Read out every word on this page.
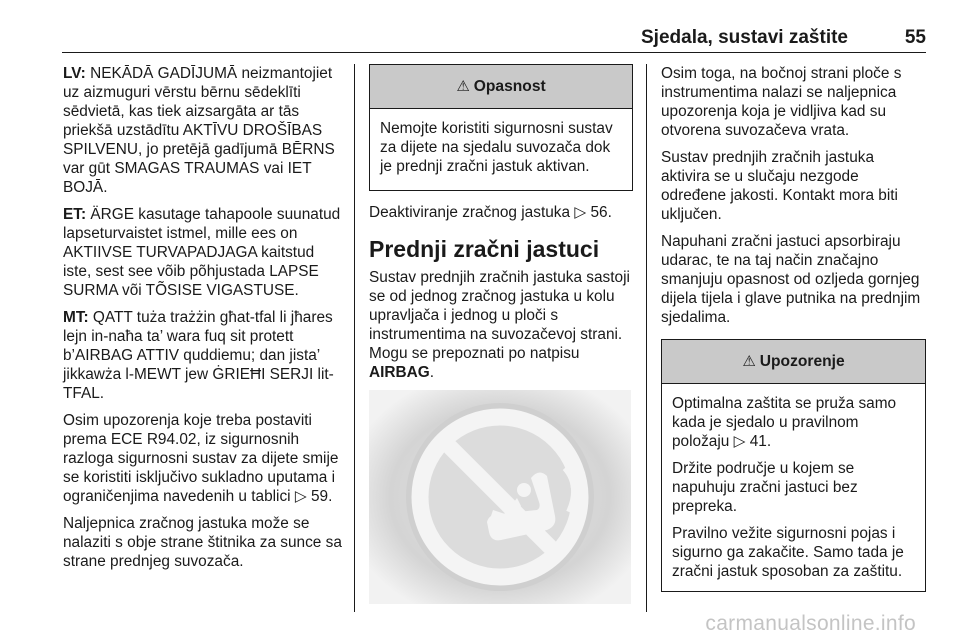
Sjedala, sustavi zaštite	55

LV: NEKĀDĀ GADĪJUMĀ neizmantojiet uz aizmuguri vērstu bērnu sēdeklīti sēdvietā, kas tiek aizsargāta ar tās priekšā uzstādītu AKTĪVU DROŠĪBAS SPILVENU, jo pretējā gadījumā BĒRNS var gūt SMAGAS TRAUMAS vai IET BOJĀ.

ET: ÄRGE kasutage tahapoole suunatud lapseturvaistet istmel, mille ees on AKTIIVSE TURVAPADJAGA kaitstud iste, sest see võib põhjustada LAPSE SURMA või TÕSISE VIGASTUSE.

MT: QATT tuża trażżin għat-tfal li jħares lejn in-naħa ta’ wara fuq sit protett b’AIRBAG ATTIV quddiemu; dan jista’ jikkawża l-MEWT jew ĠRIEĦI SERJI lit-TFAL.

Osim upozorenja koje treba postaviti prema ECE R94.02, iz sigurnosnih razloga sigurnosni sustav za dijete smije se koristiti isključivo sukladno uputama i ograničenjima navedenih u tablici ▷ 59.

Naljepnica zračnog jastuka može se nalaziti s obje strane štitnika za sunce sa strane prednjeg suvozača.

⚠ Opasnost

Nemojte koristiti sigurnosni sustav za dijete na sjedalu suvozača dok je prednji zračni jastuk aktivan.

Deaktiviranje zračnog jastuka ▷ 56.

Prednji zračni jastuci

Sustav prednjih zračnih jastuka sastoji se od jednog zračnog jastuka u kolu upravljača i jednog u ploči s instrumentima na suvozačevoj strani. Mogu se prepoznati po natpisu AIRBAG.

Osim toga, na bočnoj strani ploče s instrumentima nalazi se naljepnica upozorenja koja je vidljiva kad su otvorena suvozačeva vrata.

Sustav prednjih zračnih jastuka aktivira se u slučaju nezgode određene jakosti. Kontakt mora biti uključen.

Napuhani zračni jastuci apsorbiraju udarac, te na taj način značajno smanjuju opasnost od ozljeda gornjeg dijela tijela i glave putnika na prednjim sjedalima.

⚠ Upozorenje

Optimalna zaštita se pruža samo kada je sjedalo u pravilnom položaju ▷ 41.

Držite područje u kojem se napuhuju zračni jastuci bez prepreka.

Pravilno vežite sigurnosni pojas i sigurno ga zakačite. Samo tada je zračni jastuk sposoban za zaštitu.

carmanualsonline.info
